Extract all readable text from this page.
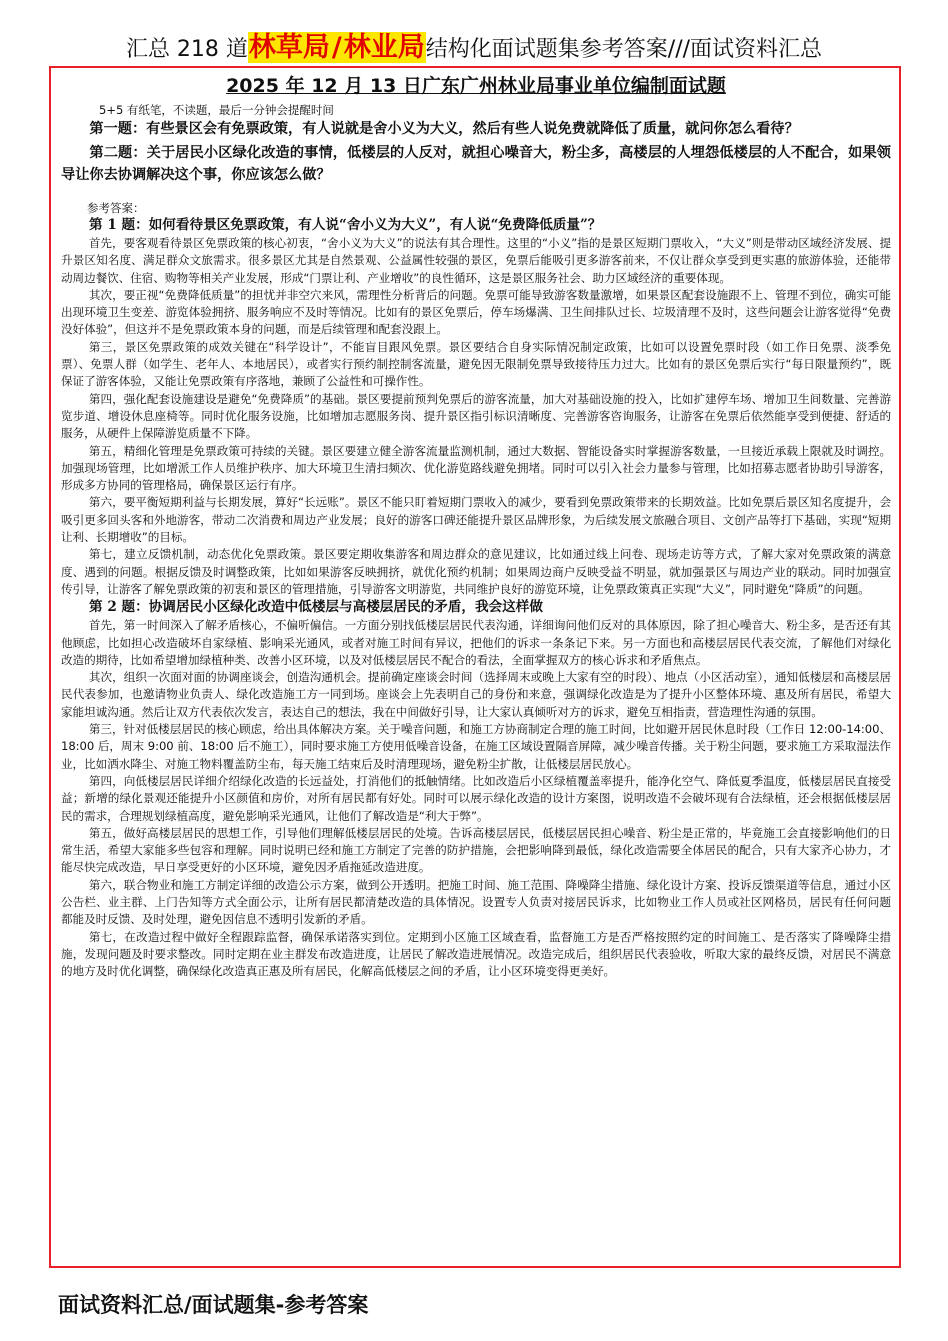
汇总 218 道林草局/林业局结构化面试题集参考答案///面试资料汇总
2025 年 12 月 13 日广东广州林业局事业单位编制面试题

5+5 有纸笔，不读题，最后一分钟会提醒时间

第一题：有些景区会有免票政策，有人说就是舍小义为大义，然后有些人说免费就降低了质量，就问你怎么看待？

第二题：关于居民小区绿化改造的事情，低楼层的人反对，就担心噪音大，粉尘多，高楼层的人埋怨低楼层的人不配合，如果领导让你去协调解决这个事，你应该怎么做？

参考答案：

第 1 题：如何看待景区免票政策，有人说“舍小义为大义”，有人说“免费降低质量”？

首先，要客观看待景区免票政策的核心初衷，“舍小义为大义”的说法有其合理性。这里的“小义”指的是景区短期门票收入，“大义”则是带动区域经济发展、提升景区知名度、满足群众文旅需求。很多景区尤其是自然景观、公益属性较强的景区，免票后能吸引更多游客前来，不仅让群众享受到更实惠的旅游体验，还能带动周边餐饮、住宿、购物等相关产业发展，形成“门票让利、产业增收”的良性循环，这是景区服务社会、助力区域经济的重要体现。

其次，要正视“免费降低质量”的担忧并非空穴来风，需理性分析背后的问题。免票可能导致游客数量激增，如果景区配套设施跟不上、管理不到位，确实可能出现环境卫生变差、游览体验拥挤、服务响应不及时等情况。比如有的景区免票后，停车场爆满、卫生间排队过长、垃圾清理不及时，这些问题会让游客觉得“免费没好体验”，但这并不是免票政策本身的问题，而是后续管理和配套没跟上。

第三，景区免票政策的成效关键在“科学设计”，不能盲目跟风免票。景区要结合自身实际情况制定政策，比如可以设置免票时段（如工作日免票、淡季免票）、免票人群（如学生、老年人、本地居民），或者实行预约制控制客流量，避免因无限制免票导致接待压力过大。比如有的景区免票后实行“每日限量预约”，既保证了游客体验，又能让免票政策有序落地，兼顾了公益性和可操作性。

第四，强化配套设施建设是避免“免费降质”的基础。景区要提前预判免票后的游客流量，加大对基础设施的投入，比如扩建停车场、增加卫生间数量、完善游览步道、增设休息座椅等。同时优化服务设施，比如增加志愿服务岗、提升景区指引标识清晰度、完善游客咨询服务，让游客在免票后依然能享受到便捷、舒适的服务，从硬件上保障游览质量不下降。

第五，精细化管理是免票政策可持续的关键。景区要建立健全游客流量监测机制，通过大数据、智能设备实时掌握游客数量，一旦接近承载上限就及时调控。加强现场管理，比如增派工作人员维护秩序、加大环境卫生清扫频次、优化游览路线避免拥堵。同时可以引入社会力量参与管理，比如招募志愿者协助引导游客，形成多方协同的管理格局，确保景区运行有序。

第六，要平衡短期利益与长期发展，算好“长远账”。景区不能只盯着短期门票收入的减少，要看到免票政策带来的长期效益。比如免票后景区知名度提升，会吸引更多回头客和外地游客，带动二次消费和周边产业发展；良好的游客口碑还能提升景区品牌形象，为后续发展文旅融合项目、文创产品等打下基础，实现“短期让利、长期增收”的目标。

第七，建立反馈机制，动态优化免票政策。景区要定期收集游客和周边群众的意见建议，比如通过线上问卷、现场走访等方式，了解大家对免票政策的满意度、遇到的问题。根据反馈及时调整政策，比如如果游客反映拥挤，就优化预约机制；如果周边商户反映受益不明显，就加强景区与周边产业的联动。同时加强宣传引导，让游客了解免票政策的初衷和景区的管理措施，引导游客文明游览，共同维护良好的游览环境，让免票政策真正实现“大义”，同时避免“降质”的问题。

第 2 题：协调居民小区绿化改造中低楼层与高楼层居民的矛盾，我会这样做

首先，第一时间深入了解矛盾核心，不偏听偏信。一方面分别找低楼层居民代表沟通，详细询问他们反对的具体原因，除了担心噪音大、粉尘多，是否还有其他顾虑，比如担心改造破坏自家绿植、影响采光通风，或者对施工时间有异议，把他们的诉求一条条记下来。另一方面也和高楼层居民代表交流，了解他们对绿化改造的期待，比如希望增加绿植种类、改善小区环境，以及对低楼层居民不配合的看法，全面掌握双方的核心诉求和矛盾焦点。

其次，组织一次面对面的协调座谈会，创造沟通机会。提前确定座谈会时间（选择周末或晚上大家有空的时段）、地点（小区活动室），通知低楼层和高楼层居民代表参加，也邀请物业负责人、绿化改造施工方一同到场。座谈会上先表明自己的身份和来意，强调绿化改造是为了提升小区整体环境、惠及所有居民，希望大家能坦诚沟通。然后让双方代表依次发言，表达自己的想法，我在中间做好引导，让大家认真倾听对方的诉求，避免互相指责，营造理性沟通的氛围。

第三，针对低楼层居民的核心顾虑，给出具体解决方案。关于噪音问题，和施工方协商制定合理的施工时间，比如避开居民休息时段（工作日 12:00-14:00、18:00 后，周末 9:00 前、18:00 后不施工），同时要求施工方使用低噪音设备，在施工区域设置隔音屏障，减少噪音传播。关于粉尘问题，要求施工方采取湿法作业，比如洒水降尘、对施工物料覆盖防尘布，每天施工结束后及时清理现场，避免粉尘扩散，让低楼层居民放心。

第四，向低楼层居民详细介绍绿化改造的长远益处，打消他们的抵触情绪。比如改造后小区绿植覆盖率提升，能净化空气、降低夏季温度，低楼层居民直接受益；新增的绿化景观还能提升小区颜值和房价，对所有居民都有好处。同时可以展示绿化改造的设计方案图，说明改造不会破坏现有合法绿植，还会根据低楼层居民的需求，合理规划绿植高度，避免影响采光通风，让他们了解改造是“利大于弊”。

第五，做好高楼层居民的思想工作，引导他们理解低楼层居民的处境。告诉高楼层居民，低楼层居民担心噪音、粉尘是正常的，毕竟施工会直接影响他们的日常生活，希望大家能多些包容和理解。同时说明已经和施工方制定了完善的防护措施，会把影响降到最低，绿化改造需要全体居民的配合，只有大家齐心协力，才能尽快完成改造，早日享受更好的小区环境，避免因矛盾拖延改造进度。

第六，联合物业和施工方制定详细的改造公示方案，做到公开透明。把施工时间、施工范围、降噪降尘措施、绿化设计方案、投诉反馈渠道等信息，通过小区公告栏、业主群、上门告知等方式全面公示，让所有居民都清楚改造的具体情况。设置专人负责对接居民诉求，比如物业工作人员或社区网格员，居民有任何问题都能及时反馈、及时处理，避免因信息不透明引发新的矛盾。

第七，在改造过程中做好全程跟踪监督，确保承诺落实到位。定期到小区施工区域查看，监督施工方是否严格按照约定的时间施工、是否落实了降噪降尘措施，发现问题及时要求整改。同时定期在业主群发布改造进度，让居民了解改造进展情况。改造完成后，组织居民代表验收，听取大家的最终反馈，对居民不满意的地方及时优化调整，确保绿化改造真正惠及所有居民，化解高低楼层之间的矛盾，让小区环境变得更美好。

面试资料汇总/面试题集-参考答案
